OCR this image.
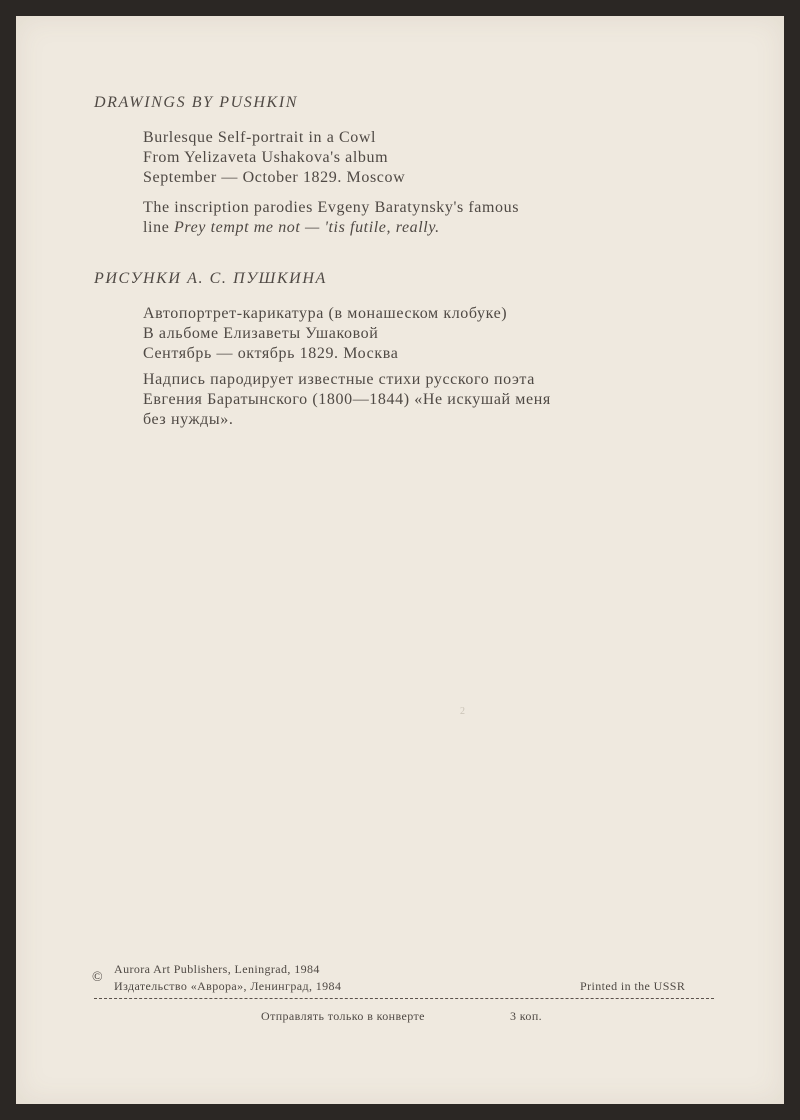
DRAWINGS BY PUSHKIN
Burlesque Self-portrait in a Cowl
From Yelizaveta Ushakova's album
September — October 1829. Moscow
The inscription parodies Evgeny Baratynsky's famous
line Prey tempt me not — 'tis futile, really.
РИСУНКИ А. С. ПУШКИНА
Автопортрет-карикатура (в монашеском клобуке)
В альбоме Елизаветы Ушаковой
Сентябрь — октябрь 1829. Москва
Надпись пародирует известные стихи русского поэта
Евгения Баратынского (1800—1844) «Не искушай меня
без нужды».
2
©
Aurora Art Publishers, Leningrad, 1984
Издательство «Аврора», Ленинград, 1984	Printed in the USSR
Отправлять только в конверте	3 коп.
